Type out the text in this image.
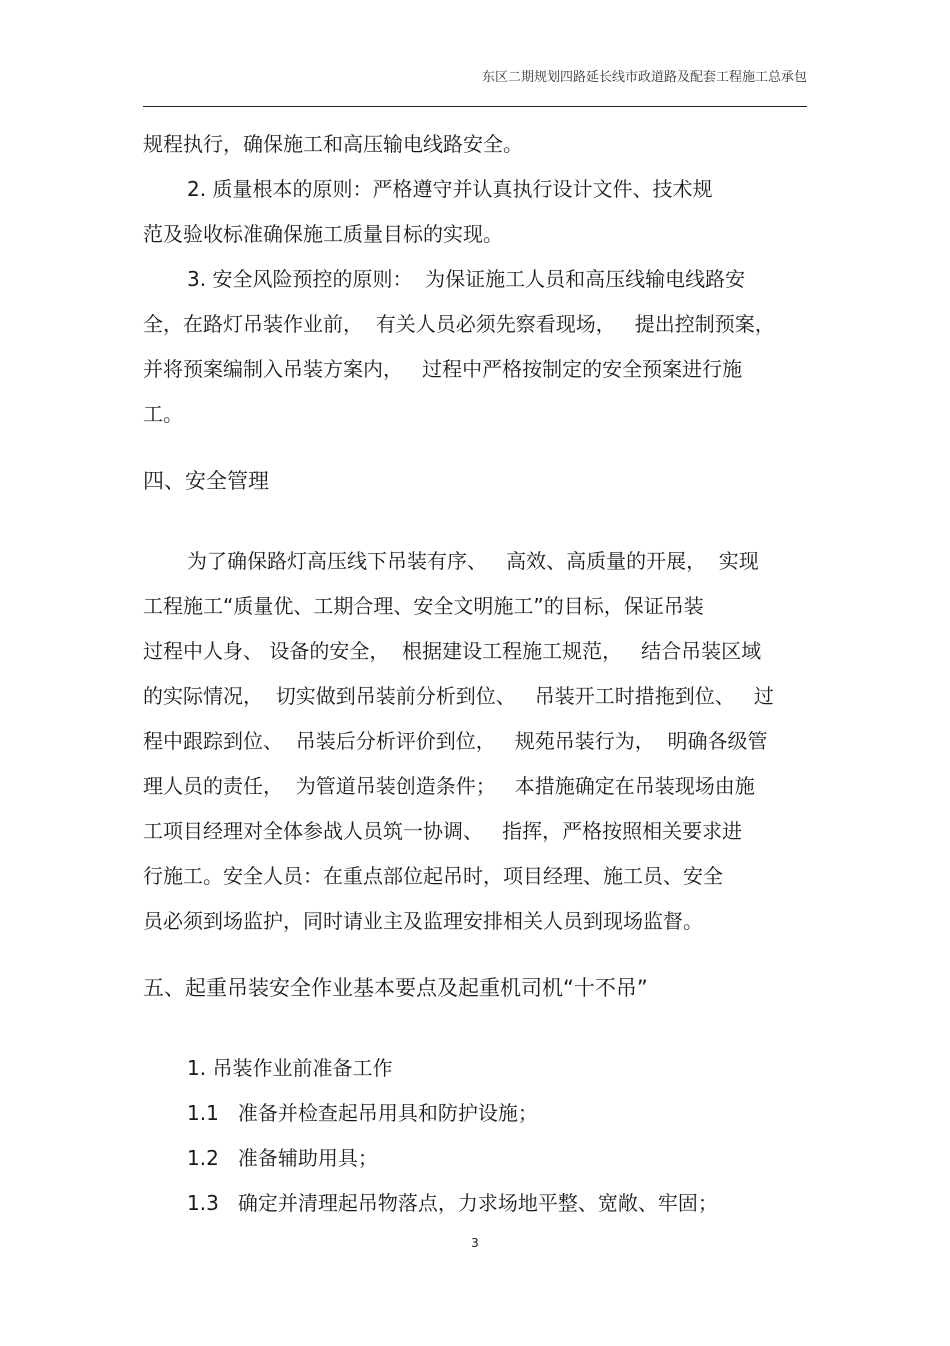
东区二期规划四路延长线市政道路及配套工程施工总承包
规程执行，确保施工和高压输电线路安全。
2. 质量根本的原则：严格遵守并认真执行设计文件、技术规
范及验收标准确保施工质量目标的实现。
3. 安全风险预控的原则：  为保证施工人员和高压线输电线路安
全，在路灯吊装作业前，  有关人员必须先察看现场，   提出控制预案，
并将预案编制入吊装方案内，   过程中严格按制定的安全预案进行施
工。
四、安全管理
为了确保路灯高压线下吊装有序、   高效、高质量的开展，  实现
工程施工“质量优、工期合理、安全文明施工”的目标，保证吊装
过程中人身、 设备的安全，  根据建设工程施工规范，   结合吊装区域
的实际情况，  切实做到吊装前分析到位、   吊装开工时措拖到位、   过
程中跟踪到位、  吊装后分析评价到位，   规苑吊装行为，  明确各级管
理人员的责任，  为管道吊装创造条件；   本措施确定在吊装现场由施
工项目经理对全体参战人员筑一协调、   指挥，严格按照相关要求进
行施工。安全人员：在重点部位起吊时，项目经理、施工员、安全
员必须到场监护，同时请业主及监理安排相关人员到现场监督。
五、起重吊装安全作业基本要点及起重机司机“十不吊”
1. 吊装作业前准备工作
1.1   准备并检查起吊用具和防护设施；
1.2   准备辅助用具；
1.3   确定并清理起吊物落点，力求场地平整、宽敞、牢固；
3
